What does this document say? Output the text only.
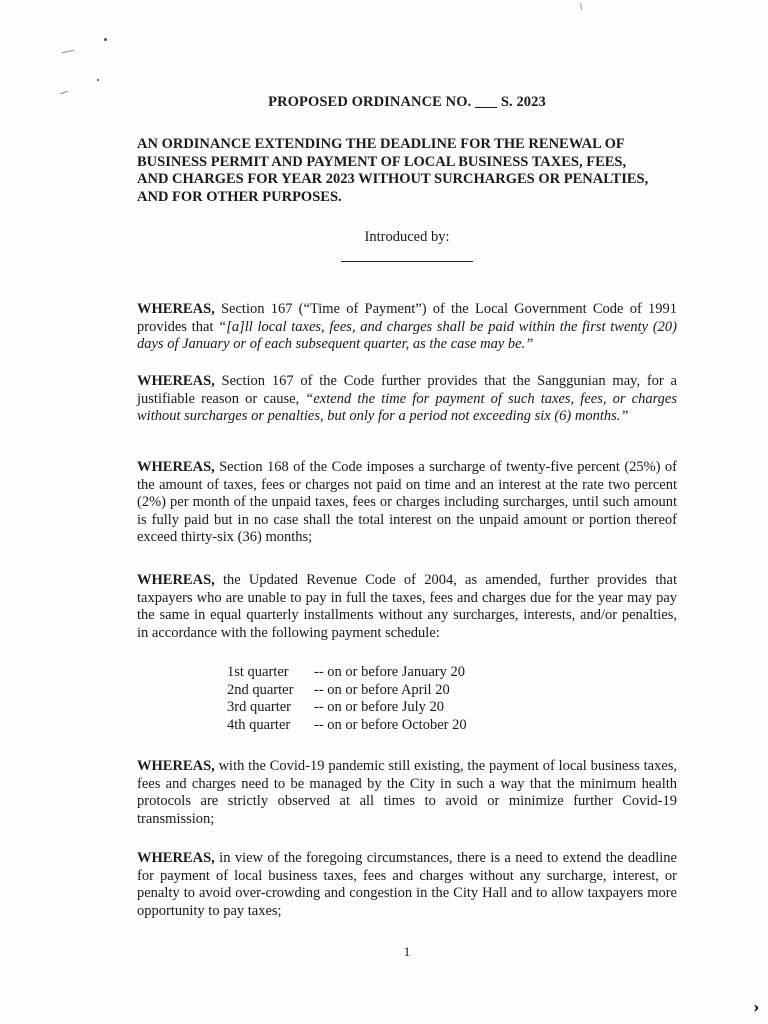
PROPOSED ORDINANCE NO. ___ S. 2023
AN ORDINANCE EXTENDING THE DEADLINE FOR THE RENEWAL OF
BUSINESS PERMIT AND PAYMENT OF LOCAL BUSINESS TAXES, FEES,
AND CHARGES FOR YEAR 2023 WITHOUT SURCHARGES OR PENALTIES,
AND FOR OTHER PURPOSES.
Introduced by:
WHEREAS, Section 167 (“Time of Payment”) of the Local Government Code of 1991 provides that “[a]ll local taxes, fees, and charges shall be paid within the first twenty (20) days of January or of each subsequent quarter, as the case may be.”
WHEREAS, Section 167 of the Code further provides that the Sanggunian may, for a justifiable reason or cause, “extend the time for payment of such taxes, fees, or charges without surcharges or penalties, but only for a period not exceeding six (6) months.”
WHEREAS, Section 168 of the Code imposes a surcharge of twenty-five percent (25%) of the amount of taxes, fees or charges not paid on time and an interest at the rate two percent (2%) per month of the unpaid taxes, fees or charges including surcharges, until such amount is fully paid but in no case shall the total interest on the unpaid amount or portion thereof exceed thirty-six (36) months;
WHEREAS, the Updated Revenue Code of 2004, as amended, further provides that taxpayers who are unable to pay in full the taxes, fees and charges due for the year may pay the same in equal quarterly installments without any surcharges, interests, and/or penalties, in accordance with the following payment schedule:
1st quarter	-- on or before January 20
2nd quarter	-- on or before April 20
3rd quarter	-- on or before July 20
4th quarter	-- on or before October 20
WHEREAS, with the Covid-19 pandemic still existing, the payment of local business taxes, fees and charges need to be managed by the City in such a way that the minimum health protocols are strictly observed at all times to avoid or minimize further Covid-19 transmission;
WHEREAS, in view of the foregoing circumstances, there is a need to extend the deadline for payment of local business taxes, fees and charges without any surcharge, interest, or penalty to avoid over-crowding and congestion in the City Hall and to allow taxpayers more opportunity to pay taxes;
1
ˆ
